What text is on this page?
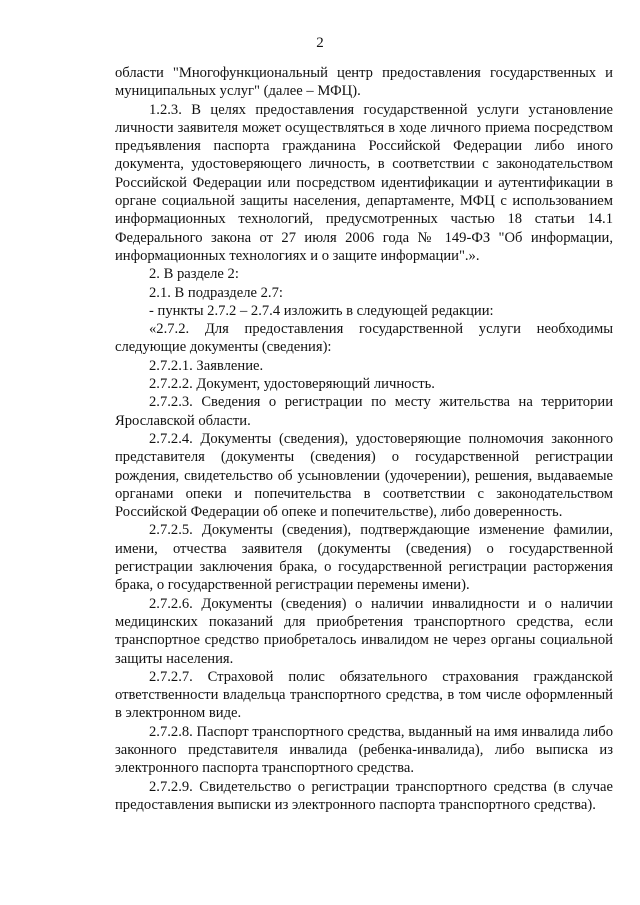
2

области "Многофункциональный центр предоставления государственных и муниципальных услуг" (далее – МФЦ).

1.2.3. В целях предоставления государственной услуги установление личности заявителя может осуществляться в ходе личного приема посредством предъявления паспорта гражданина Российской Федерации либо иного документа, удостоверяющего личность, в соответствии с законодательством Российской Федерации или посредством идентификации и аутентификации в органе социальной защиты населения, департаменте, МФЦ с использованием информационных технологий, предусмотренных частью 18 статьи 14.1 Федерального закона от 27 июля 2006 года № 149-ФЗ "Об информации, информационных технологиях и о защите информации".».

2. В разделе 2:

2.1. В подразделе 2.7:

- пункты 2.7.2 – 2.7.4 изложить в следующей редакции:

«2.7.2. Для предоставления государственной услуги необходимы следующие документы (сведения):

2.7.2.1. Заявление.

2.7.2.2. Документ, удостоверяющий личность.

2.7.2.3. Сведения о регистрации по месту жительства на территории Ярославской области.

2.7.2.4. Документы (сведения), удостоверяющие полномочия законного представителя (документы (сведения) о государственной регистрации рождения, свидетельство об усыновлении (удочерении), решения, выдаваемые органами опеки и попечительства в соответствии с законодательством Российской Федерации об опеке и попечительстве), либо доверенность.

2.7.2.5. Документы (сведения), подтверждающие изменение фамилии, имени, отчества заявителя (документы (сведения) о государственной регистрации заключения брака, о государственной регистрации расторжения брака, о государственной регистрации перемены имени).

2.7.2.6. Документы (сведения) о наличии инвалидности и о наличии медицинских показаний для приобретения транспортного средства, если транспортное средство приобреталось инвалидом не через органы социальной защиты населения.

2.7.2.7. Страховой полис обязательного страхования гражданской ответственности владельца транспортного средства, в том числе оформленный в электронном виде.

2.7.2.8. Паспорт транспортного средства, выданный на имя инвалида либо законного представителя инвалида (ребенка-инвалида), либо выписка из электронного паспорта транспортного средства.

2.7.2.9. Свидетельство о регистрации транспортного средства (в случае предоставления выписки из электронного паспорта транспортного средства).
